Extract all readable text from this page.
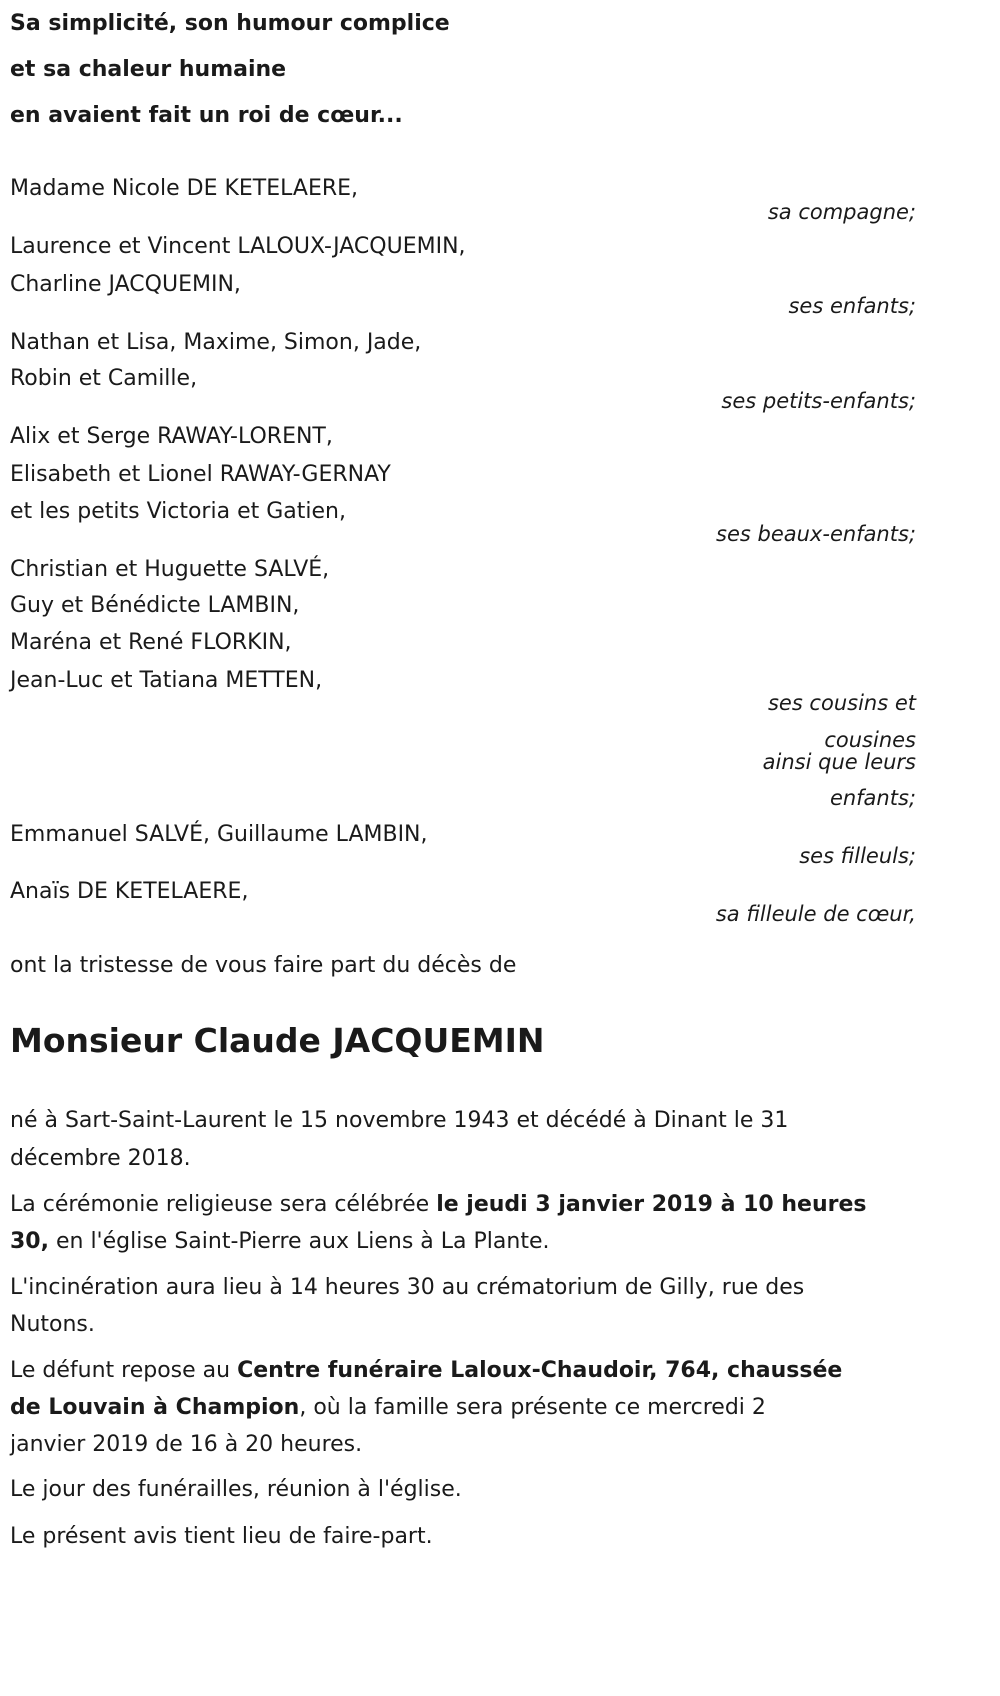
Sa simplicité, son humour complice
et sa chaleur humaine
en avaient fait un roi de cœur...
Madame Nicole DE KETELAERE,
sa compagne;
Laurence et Vincent LALOUX-JACQUEMIN,
Charline JACQUEMIN,
ses enfants;
Nathan et Lisa, Maxime, Simon, Jade,
Robin et Camille,
ses petits-enfants;
Alix et Serge RAWAY-LORENT,
Elisabeth et Lionel RAWAY-GERNAY
et les petits Victoria et Gatien,
ses beaux-enfants;
Christian et Huguette SALVÉ,
Guy et Bénédicte LAMBIN,
Maréna et René FLORKIN,
Jean-Luc et Tatiana METTEN,
ses cousins et
cousines
ainsi que leurs
enfants;
Emmanuel SALVÉ, Guillaume LAMBIN,
ses filleuls;
Anaïs DE KETELAERE,
sa filleule de cœur,
ont la tristesse de vous faire part du décès de
Monsieur Claude JACQUEMIN
né à Sart-Saint-Laurent le 15 novembre 1943 et décédé à Dinant le 31
décembre 2018.
La cérémonie religieuse sera célébrée le jeudi 3 janvier 2019 à 10 heures
30, en l'église Saint-Pierre aux Liens à La Plante.
L'incinération aura lieu à 14 heures 30 au crématorium de Gilly, rue des
Nutons.
Le défunt repose au Centre funéraire Laloux-Chaudoir, 764, chaussée
de Louvain à Champion, où la famille sera présente ce mercredi 2
janvier 2019 de 16 à 20 heures.
Le jour des funérailles, réunion à l'église.
Le présent avis tient lieu de faire-part.
